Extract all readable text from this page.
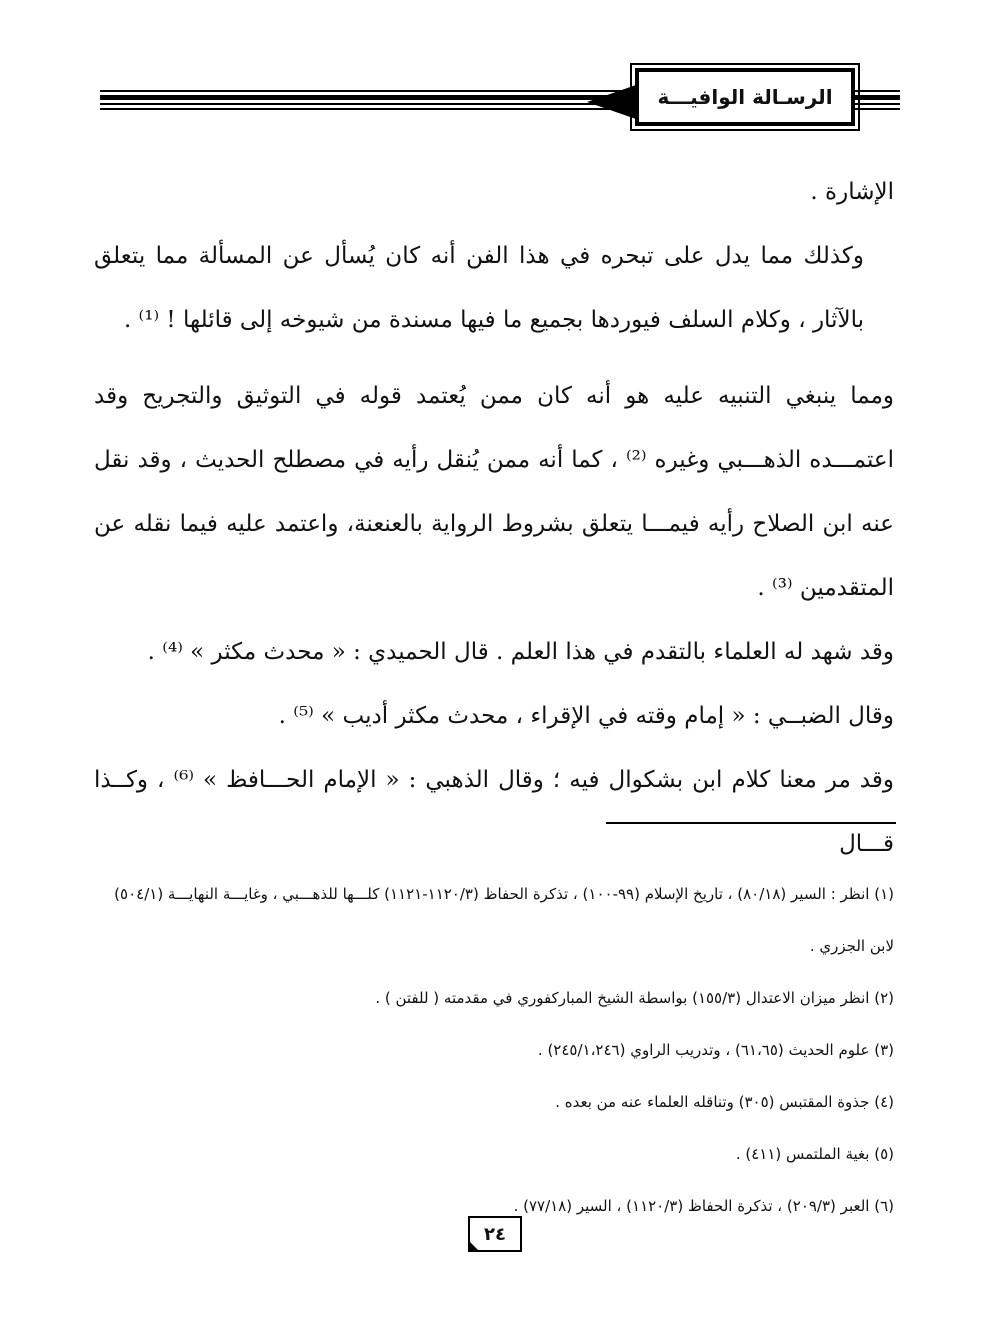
الرسـالة الوافيـــة

الإشارة .

وكذلك مما يدل على تبحره في هذا الفن أنه كان يُسأل عن المسألة مما يتعلق بالآثار ، وكلام السلف فيوردها بجميع ما فيها مسندة من شيوخه إلى قائلها ! ⁽¹⁾ .

ومما ينبغي التنبيه عليه هو أنه كان ممن يُعتمد قوله في التوثيق والتجريح وقد اعتمـــده الذهـــبي وغيره ⁽²⁾ ، كما أنه ممن يُنقل رأيه في مصطلح الحديث ، وقد نقل عنه ابن الصلاح رأيه فيمـــا يتعلق بشروط الرواية بالعنعنة، واعتمد عليه فيما نقله عن المتقدمين ⁽³⁾ .

وقد شهد له العلماء بالتقدم في هذا العلم . قال الحميدي : « محدث مكثر » ⁽⁴⁾ .

وقال الضبــي : « إمام وقته في الإقراء ، محدث مكثر أديب » ⁽⁵⁾ .

وقد مر معنا كلام ابن بشكوال فيه ؛ وقال الذهبي : « الإمام الحـــافظ » ⁽⁶⁾ ، وكــذا قـــال

(١) انظر : السير (٨٠/١٨) ، تاريخ الإسلام (٩٩-١٠٠) ، تذكرة الحفاظ (١١٢٠/٣-١١٢١) كلـــها للذهـــبي ، وغايـــة النهايـــة (٥٠٤/١) لابن الجزري .

(٢) انظر ميزان الاعتدال (١٥٥/٣) بواسطة الشيخ المباركفوري في مقدمته ( للفتن ) .

(٣) علوم الحديث (٦١،٦٥) ، وتدريب الراوي (٢٤٥/١،٢٤٦) .

(٤) جذوة المقتبس (٣٠٥) وتناقله العلماء عنه من بعده .

(٥) بغية الملتمس (٤١١) .

(٦) العبر (٢٠٩/٣) ، تذكرة الحفاظ (١١٢٠/٣) ، السير (٧٧/١٨) .

٢٤
